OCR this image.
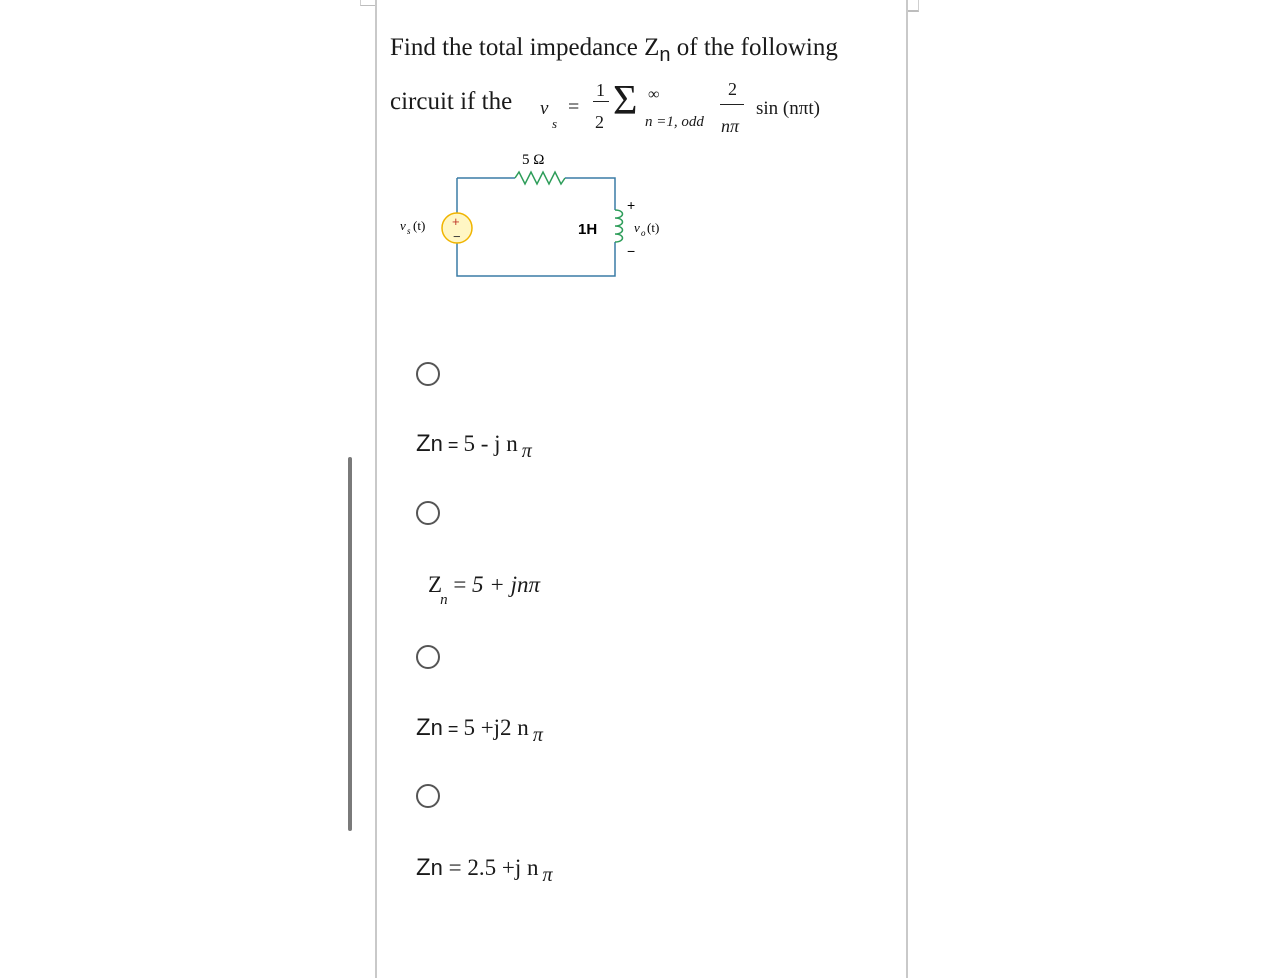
Find the total impedance $Z_n$ of the following
circuit if the v
s
=
1
2 Σ ∞
n =1, odd
2
nπ
sin (nπt)
+
−
5 Ω
1H
v s (t)
+
−
v o (t)
Zn = 5 - j n π
$Z_n = 5 + jn\pi$
Zn = 5 +j2 n π
Zn = 2.5 +j n π
